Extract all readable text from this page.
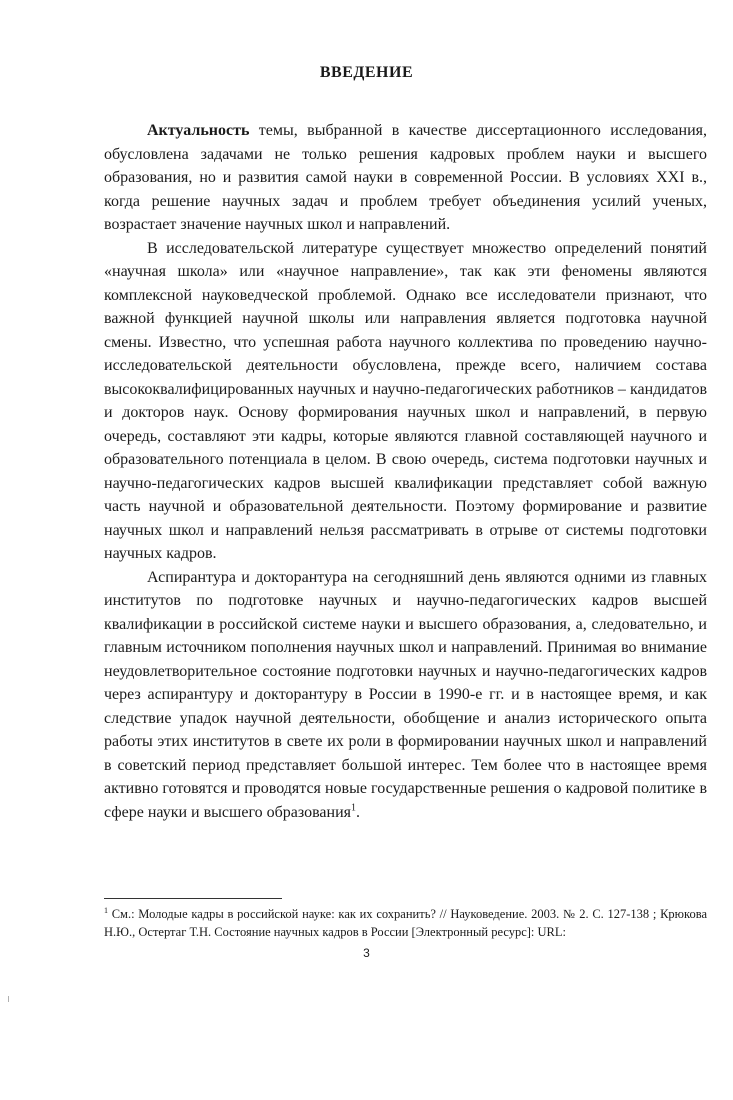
ВВЕДЕНИЕ

Актуальность темы, выбранной в качестве диссертационного исследования, обусловлена задачами не только решения кадровых проблем науки и высшего образования, но и развития самой науки в современной России. В условиях XXI в., когда решение научных задач и проблем требует объединения усилий ученых, возрастает значение научных школ и направлений.

В исследовательской литературе существует множество определений понятий «научная школа» или «научное направление», так как эти феномены являются комплексной науковедческой проблемой. Однако все исследователи признают, что важной функцией научной школы или направления является подготовка научной смены. Известно, что успешная работа научного коллектива по проведению научно-исследовательской деятельности обусловлена, прежде всего, наличием состава высококвалифицированных научных и научно-педагогических работников – кандидатов и докторов наук. Основу формирования научных школ и направлений, в первую очередь, составляют эти кадры, которые являются главной составляющей научного и образовательного потенциала в целом. В свою очередь, система подготовки научных и научно-педагогических кадров высшей квалификации представляет собой важную часть научной и образовательной деятельности. Поэтому формирование и развитие научных школ и направлений нельзя рассматривать в отрыве от системы подготовки научных кадров.

Аспирантура и докторантура на сегодняшний день являются одними из главных институтов по подготовке научных и научно-педагогических кадров высшей квалификации в российской системе науки и высшего образования, а, следовательно, и главным источником пополнения научных школ и направлений. Принимая во внимание неудовлетворительное состояние подготовки научных и научно-педагогических кадров через аспирантуру и докторантуру в России в 1990-е гг. и в настоящее время, и как следствие упадок научной деятельности, обобщение и анализ исторического опыта работы этих институтов в свете их роли в формировании научных школ и направлений в советский период представляет большой интерес. Тем более что в настоящее время активно готовятся и проводятся новые государственные решения о кадровой политике в сфере науки и высшего образования$^1$.

$^1$ См.: Молодые кадры в российской науке: как их сохранить? // Науковедение. 2003. № 2. С. 127-138 ; Крюкова Н.Ю., Остертаг Т.Н. Состояние научных кадров в России [Электронный ресурс]: URL:
3
